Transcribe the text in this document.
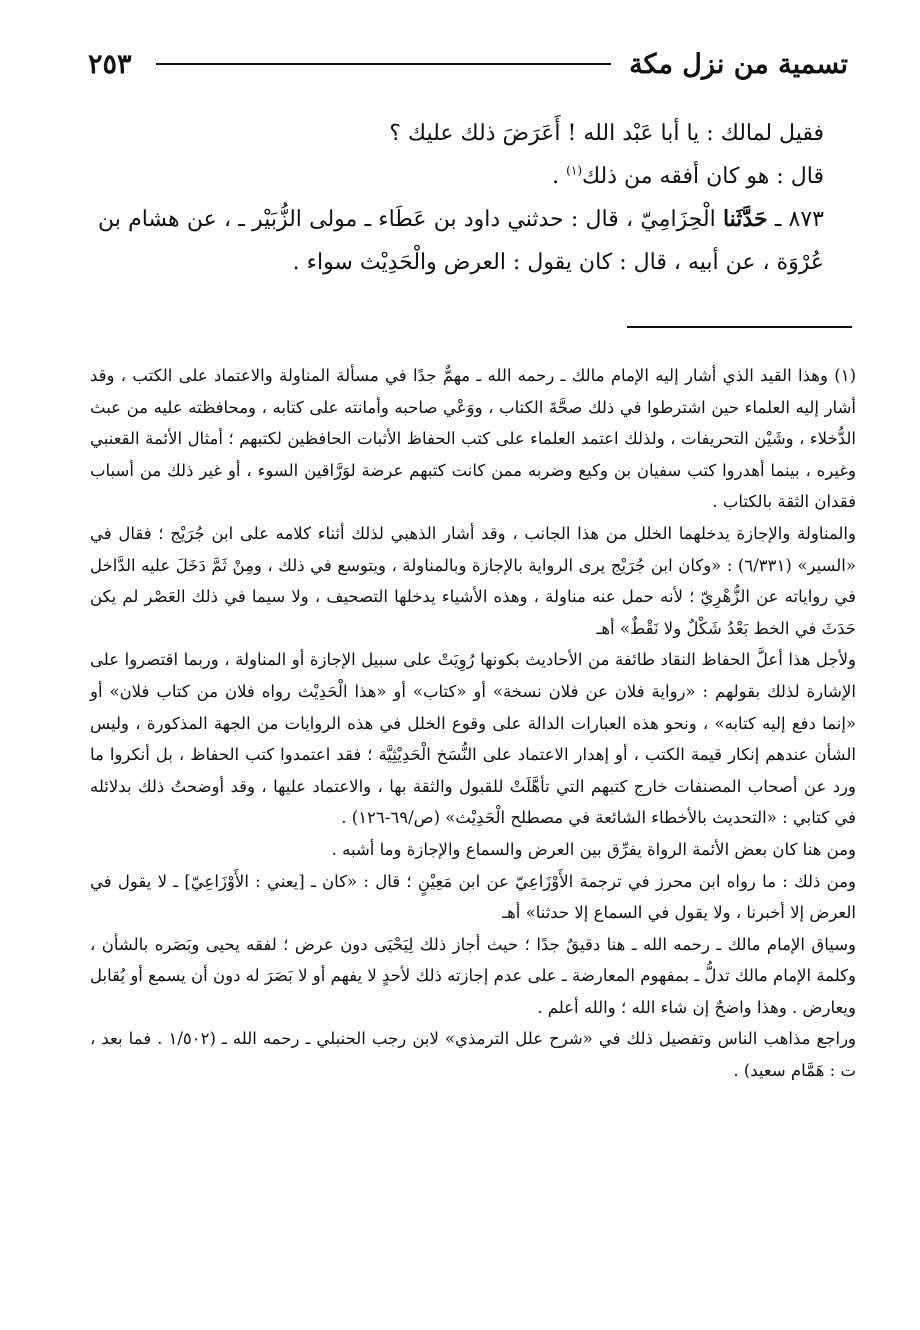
تسمية من نزل مكة
٢٥٣

فقيل لمالك : يا أبا عَبْد الله ! أَعَرَضَ ذلك عليك ؟

قال : هو كان أفقه من ذلك$^{(١)}$ .

٨٧٣ ـ حَدَّثَنا الْحِزَامِيّ ، قال : حدثني داود بن عَطَاء ـ مولى الزُّبَيْر ـ ، عن هشام بن عُرْوَة ، عن أبيه ، قال : كان يقول : العرض والْحَدِيْث سواء .

(١) وهذا القيد الذي أشار إليه الإمام مالك ـ رحمه الله ـ مهمٌّ جدًا في مسألة المناولة والاعتماد على الكتب ، وقد أشار إليه العلماء حين اشترطوا في ذلك صحَّةَ الكتاب ، ووَعْي صاحبه وأمانته على كتابه ، ومحافظته عليه من عبث الدُّخلاء ، وشَيْن التحريفات ، ولذلك اعتمد العلماء على كتب الحفاظ الأثبات الحافظين لكتبهم ؛ أمثال الأئمة القعنبي وغيره ، بينما أهدروا كتب سفيان بن وكيع وضربه ممن كانت كتبهم عرضة لوَرَّاقين السوء ، أو غير ذلك من أسباب فقدان الثقة بالكتاب .

والمناولة والإجازة يدخلهما الخلل من هذا الجانب ، وقد أشار الذهبي لذلك أثناء كلامه على ابن جُرَيْج ؛ فقال في «السير» (٦/٣٣١) : «وكان ابن جُرَيْج يرى الرواية بالإجازة وبالمناولة ، ويتوسع في ذلك ، ومِنْ ثَمَّ دَخَلَ عليه الدَّاخل في رواياته عن الزُّهْرِيّ ؛ لأنه حمل عنه مناولة ، وهذه الأشياء يدخلها التصحيف ، ولا سيما في ذلك العَصْر لم يكن حَدَثَ في الخط بَعْدُ شَكْلٌ ولا نَقْطٌ» أهـ

ولأجل هذا أعلَّ الحفاظ النقاد طائفة من الأحاديث بكونها رُوِيَتْ على سبيل الإجازة أو المناولة ، وربما اقتصروا على الإشارة لذلك بقولهم : «رواية فلان عن فلان نسخة» أو «كتاب» أو «هذا الْحَدِيْث رواه فلان من كتاب فلان» أو «إنما دفع إليه كتابه» ، ونحو هذه العبارات الدالة على وقوع الخلل في هذه الروايات من الجهة المذكورة ، وليس الشأن عندهم إنكار قيمة الكتب ، أو إهدار الاعتماد على النُّسَخ الْحَدِيْثِيَّة ؛ فقد اعتمدوا كتب الحفاظ ، بل أنكروا ما ورد عن أصحاب المصنفات خارج كتبهم التي تأهَّلَتْ للقبول والثقة بها ، والاعتماد عليها ، وقد أوضحتُ ذلك بدلائله في كتابي : «التحديث بالأخطاء الشائعة في مصطلح الْحَدِيْث» (ص/٦٩-١٢٦) .

ومن هنا كان بعض الأئمة الرواة يفرِّق بين العرض والسماع والإجازة وما أشبه .

ومن ذلك : ما رواه ابن محرز في ترجمة الأَوْزَاعِيّ عن ابن مَعِيْنٍ ؛ قال : «كان ـ [يعني : الأَوْزَاعِيّ] ـ لا يقول في العرض إلا أخبرنا ، ولا يقول في السماع إلا حدثنا» أهـ

وسياق الإمام مالك ـ رحمه الله ـ هنا دقيقٌ جدًا ؛ حيث أجاز ذلك لِيَحْيَى دون عرض ؛ لفقه يحيى وبَصَره بالشأن ، وكلمة الإمام مالك تدلُّ ـ بمفهوم المعارضة ـ على عدم إجازته ذلك لأحدٍ لا يفهم أو لا بَصَرَ له دون أن يسمع أو يُقابل ويعارض . وهذا واضحٌ إن شاء الله ؛ والله أعلم .

وراجع مذاهب الناس وتفصيل ذلك في «شرح علل الترمذي» لابن رجب الحنبلي ـ رحمه الله ـ (١/٥٠٢ . فما بعد ، ت : هَمَّام سعيد) .
